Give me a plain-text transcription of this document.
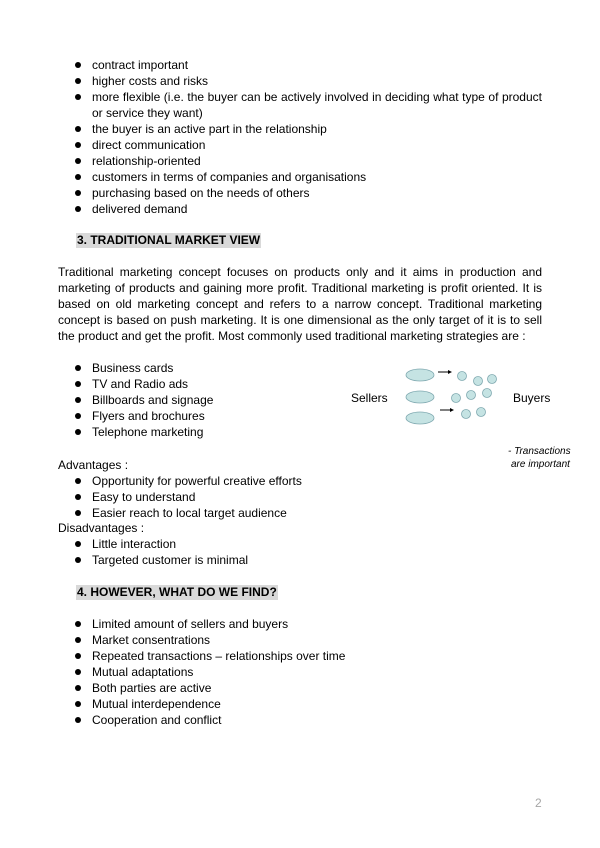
contract important
higher costs and risks
more flexible (i.e. the buyer can be actively involved in deciding what type of product or service they want)
the buyer is an active part in the relationship
direct communication
relationship-oriented
customers in terms of companies and organisations
purchasing based on the needs of others
delivered demand
3. TRADITIONAL MARKET VIEW
Traditional marketing concept focuses on products only and it aims in production and marketing of products and gaining more profit. Traditional marketing is profit oriented. It is based on old marketing concept and refers to a narrow concept. Traditional marketing concept is based on push marketing. It is one dimensional as the only target of it is to sell the product and get the profit. Most commonly used traditional marketing strategies are :
Business cards
TV and Radio ads
Billboards and signage
Flyers and brochures
Telephone marketing
Sellers	Buyers
- Transactions
are important
Advantages :
Opportunity for powerful creative efforts
Easy to understand
Easier reach to local target audience
Disadvantages :
Little interaction
Targeted customer is minimal
4. HOWEVER, WHAT DO WE FIND?
Limited amount of sellers and buyers
Market consentrations
Repeated transactions – relationships over time
Mutual adaptations
Both parties are active
Mutual interdependence
Cooperation and conflict
2
